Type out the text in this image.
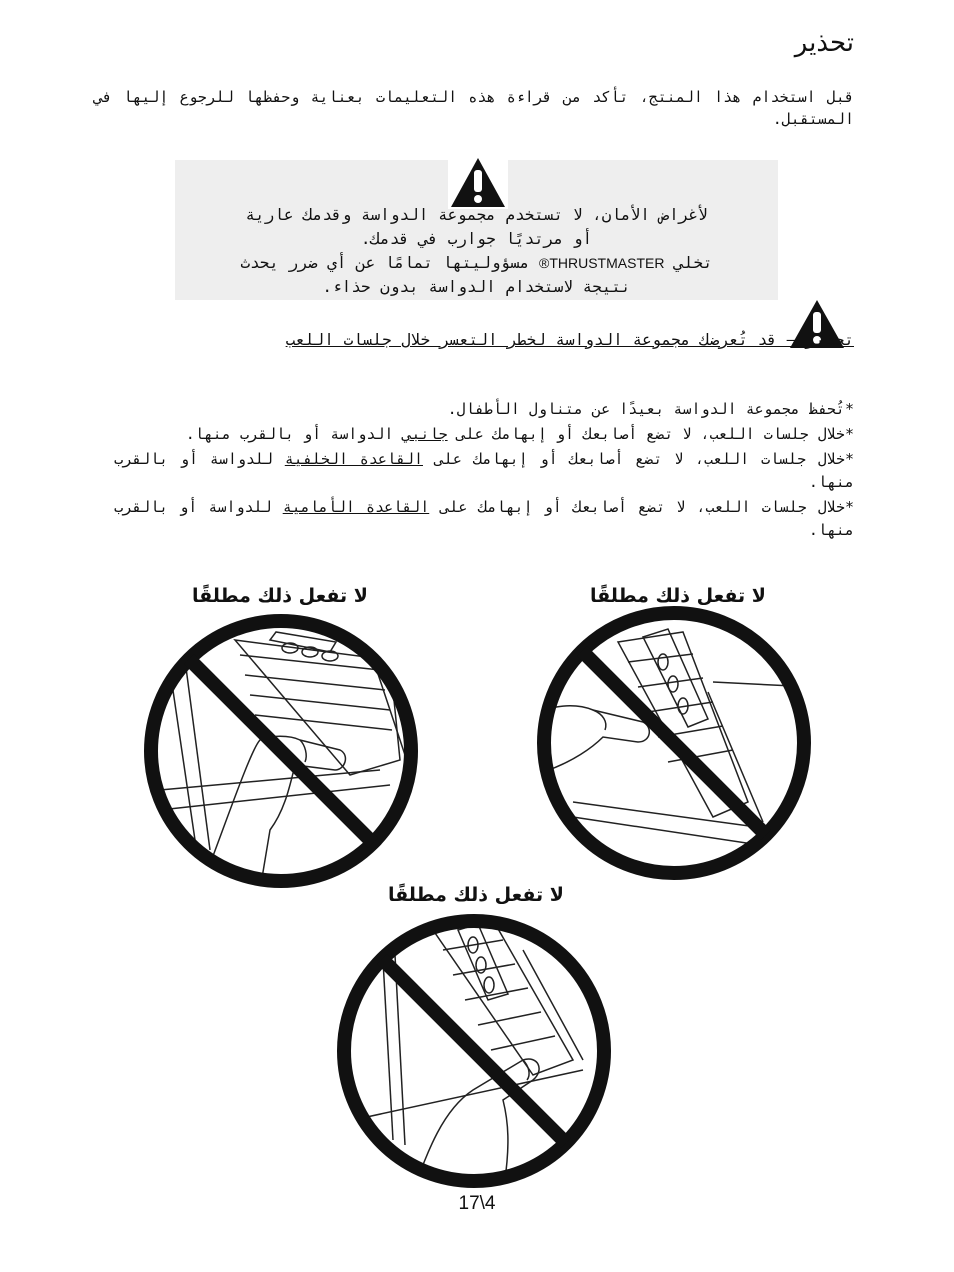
تحذير
قبل استخدام هذا المنتج، تأكد من قراءة هذه التعليمات بعناية وحفظها للرجوع إليها في المستقبل.
لأغراض الأمان، لا تستخدم مجموعة الدواسة وقدمك عارية
أو مرتديًا جوارب في قدمك.
تخلي THRUSTMASTER® مسؤوليتها تمامًا عن أي ضرر يحدث
نتيجة لاستخدام الدواسة بدون حذاء.
تحذير – قد تُعرضك مجموعة الدواسة لخطر التعسر خلال جلسات اللعب
*تُحفظ مجموعة الدواسة بعيدًا عن متناول الأطفال.
*خلال جلسات اللعب، لا تضع أصابعك أو إبهامك على جانبي الدواسة أو بالقرب منها.
*خلال جلسات اللعب، لا تضع أصابعك أو إبهامك على القاعدة الخلفية للدواسة أو بالقرب منها.
*خلال جلسات اللعب، لا تضع أصابعك أو إبهامك على القاعدة الأمامية للدواسة أو بالقرب منها.
لا تفعل ذلك مطلقًا	لا تفعل ذلك مطلقًا
لا تفعل ذلك مطلقًا
17\4
